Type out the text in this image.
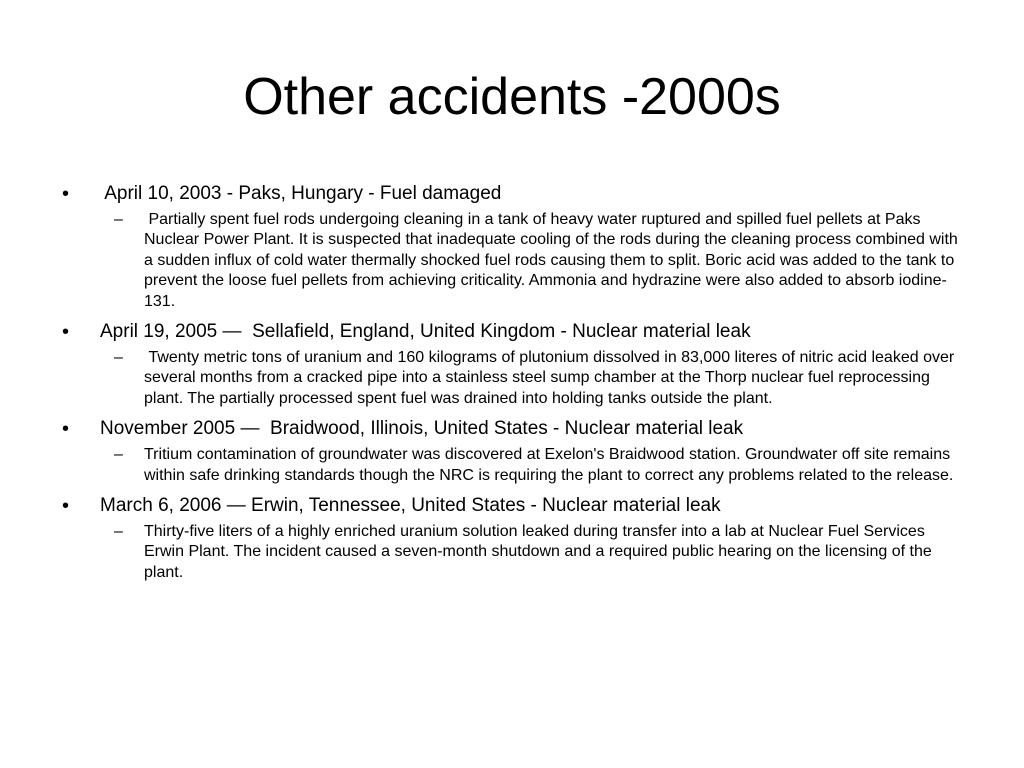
Other accidents -2000s
• April 10, 2003 - Paks, Hungary - Fuel damaged
– Partially spent fuel rods undergoing cleaning in a tank of heavy water ruptured and spilled fuel pellets at Paks Nuclear Power Plant. It is suspected that inadequate cooling of the rods during the cleaning process combined with a sudden influx of cold water thermally shocked fuel rods causing them to split. Boric acid was added to the tank to prevent the loose fuel pellets from achieving criticality. Ammonia and hydrazine were also added to absorb iodine-131.
• April 19, 2005 —  Sellafield, England, United Kingdom - Nuclear material leak
– Twenty metric tons of uranium and 160 kilograms of plutonium dissolved in 83,000 literes of nitric acid leaked over several months from a cracked pipe into a stainless steel sump chamber at the Thorp nuclear fuel reprocessing plant. The partially processed spent fuel was drained into holding tanks outside the plant.
• November 2005 —  Braidwood, Illinois, United States - Nuclear material leak
– Tritium contamination of groundwater was discovered at Exelon's Braidwood station. Groundwater off site remains within safe drinking standards though the NRC is requiring the plant to correct any problems related to the release.
• March 6, 2006 — Erwin, Tennessee, United States - Nuclear material leak
– Thirty-five liters of a highly enriched uranium solution leaked during transfer into a lab at Nuclear Fuel Services Erwin Plant. The incident caused a seven-month shutdown and a required public hearing on the licensing of the plant.
